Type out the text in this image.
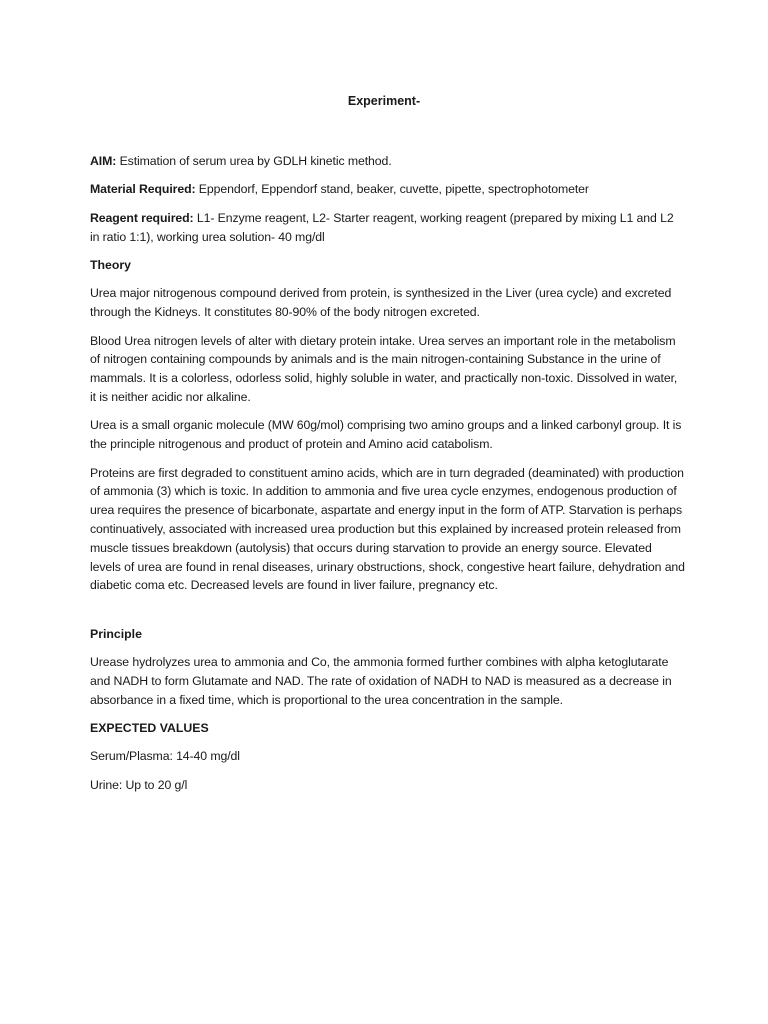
Experiment-

AIM: Estimation of serum urea by GDLH kinetic method.

Material Required: Eppendorf, Eppendorf stand, beaker, cuvette, pipette, spectrophotometer

Reagent required: L1- Enzyme reagent, L2- Starter reagent, working reagent (prepared by mixing L1 and L2 in ratio 1:1), working urea solution- 40 mg/dl

Theory

Urea major nitrogenous compound derived from protein, is synthesized in the Liver (urea cycle) and excreted through the Kidneys. It constitutes 80-90% of the body nitrogen excreted.

Blood Urea nitrogen levels of alter with dietary protein intake. Urea serves an important role in the metabolism of nitrogen containing compounds by animals and is the main nitrogen-containing Substance in the urine of mammals. It is a colorless, odorless solid, highly soluble in water, and practically non-toxic. Dissolved in water, it is neither acidic nor alkaline.

Urea is a small organic molecule (MW 60g/mol) comprising two amino groups and a linked carbonyl group. It is the principle nitrogenous and product of protein and Amino acid catabolism.

Proteins are first degraded to constituent amino acids, which are in turn degraded (deaminated) with production of ammonia (3) which is toxic. In addition to ammonia and five urea cycle enzymes, endogenous production of urea requires the presence of bicarbonate, aspartate and energy input in the form of ATP. Starvation is perhaps continuatively, associated with increased urea production but this explained by increased protein released from muscle tissues breakdown (autolysis) that occurs during starvation to provide an energy source. Elevated levels of urea are found in renal diseases, urinary obstructions, shock, congestive heart failure, dehydration and diabetic coma etc. Decreased levels are found in liver failure, pregnancy etc.

Principle

Urease hydrolyzes urea to ammonia and Co, the ammonia formed further combines with alpha ketoglutarate and NADH to form Glutamate and NAD. The rate of oxidation of NADH to NAD is measured as a decrease in absorbance in a fixed time, which is proportional to the urea concentration in the sample.

EXPECTED VALUES

Serum/Plasma: 14-40 mg/dl

Urine: Up to 20 g/l
